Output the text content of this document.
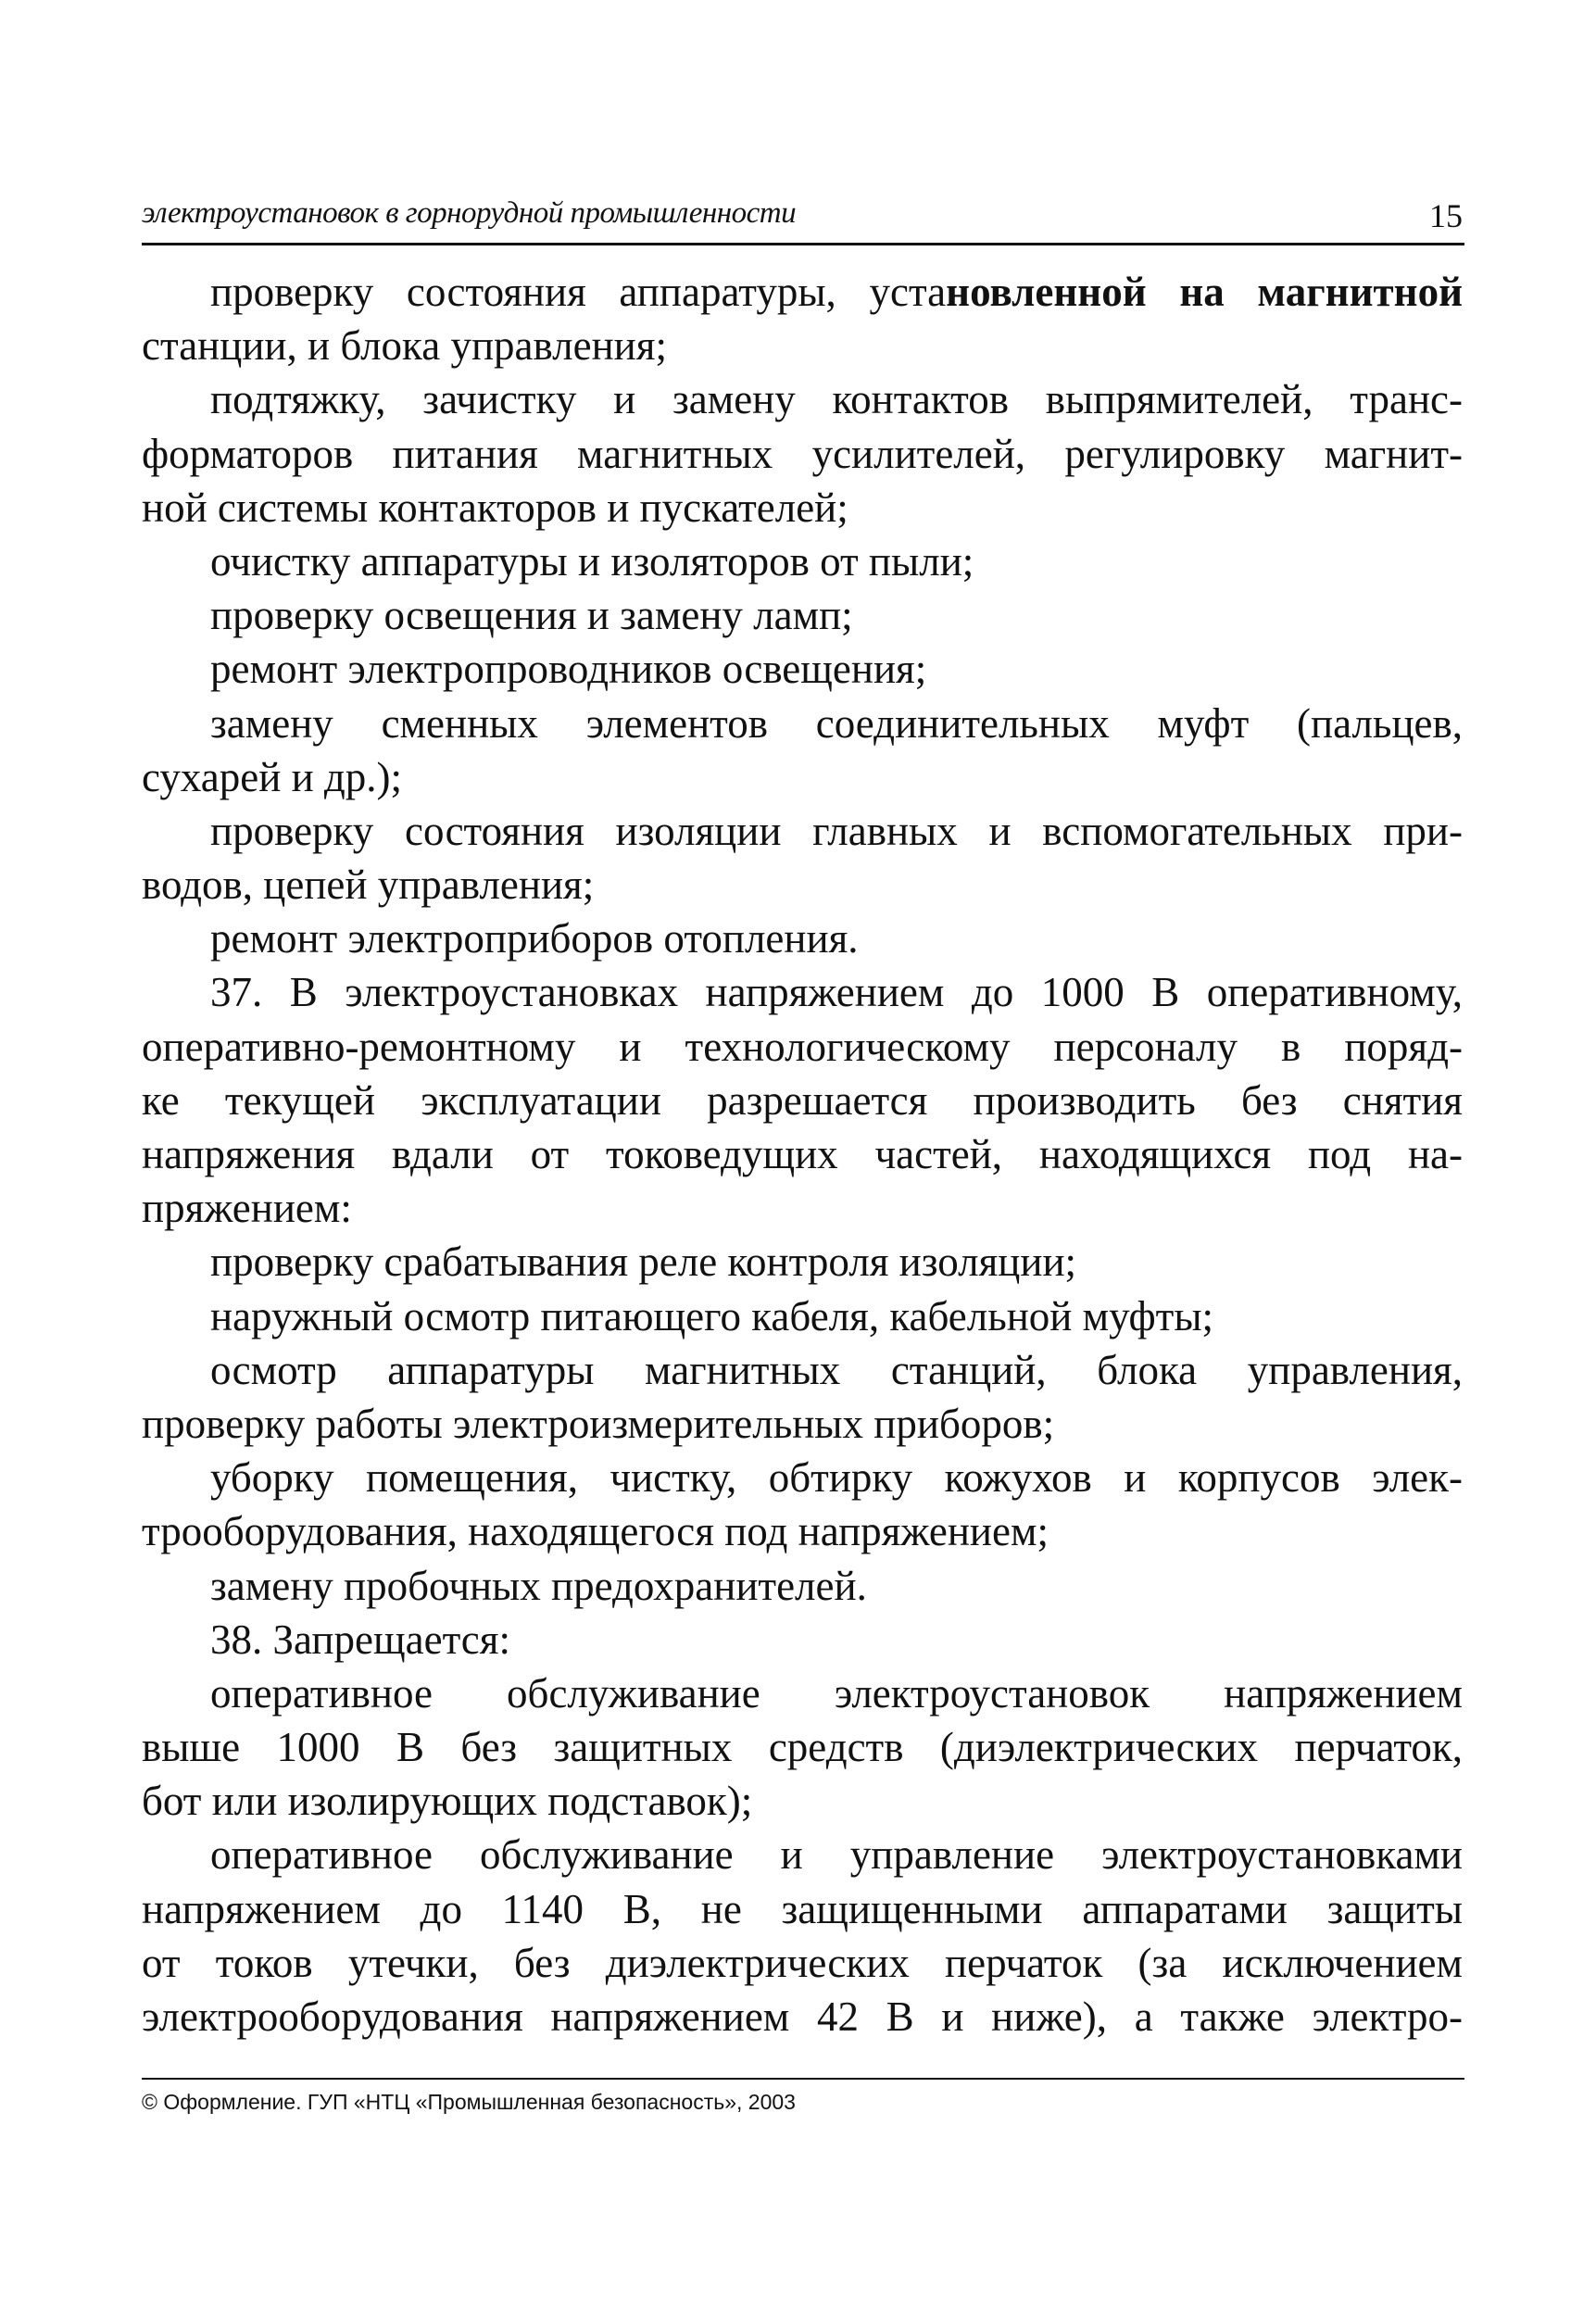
электроустановок в горнорудной промышленности	15
проверку состояния аппаратуры, установленной на магнитной
станции, и блока управления;
подтяжку, зачистку и замену контактов выпрямителей, транс-
форматоров питания магнитных усилителей, регулировку магнит-
ной системы контакторов и пускателей;
очистку аппаратуры и изоляторов от пыли;
проверку освещения и замену ламп;
ремонт электропроводников освещения;
замену сменных элементов соединительных муфт (пальцев,
сухарей и др.);
проверку состояния изоляции главных и вспомогательных при-
водов, цепей управления;
ремонт электроприборов отопления.
37. В электроустановках напряжением до 1000 В оперативному,
оперативно-ремонтному и технологическому персоналу в поряд-
ке текущей эксплуатации разрешается производить без снятия
напряжения вдали от токоведущих частей, находящихся под на-
пряжением:
проверку срабатывания реле контроля изоляции;
наружный осмотр питающего кабеля, кабельной муфты;
осмотр аппаратуры магнитных станций, блока управления,
проверку работы электроизмерительных приборов;
уборку помещения, чистку, обтирку кожухов и корпусов элек-
трооборудования, находящегося под напряжением;
замену пробочных предохранителей.
38. Запрещается:
оперативное обслуживание электроустановок напряжением
выше 1000 В без защитных средств (диэлектрических перчаток,
бот или изолирующих подставок);
оперативное обслуживание и управление электроустановками
напряжением до 1140 В, не защищенными аппаратами защиты
от токов утечки, без диэлектрических перчаток (за исключением
электрооборудования напряжением 42 В и ниже), а также электро-
© Оформление. ГУП «НТЦ «Промышленная безопасность», 2003
